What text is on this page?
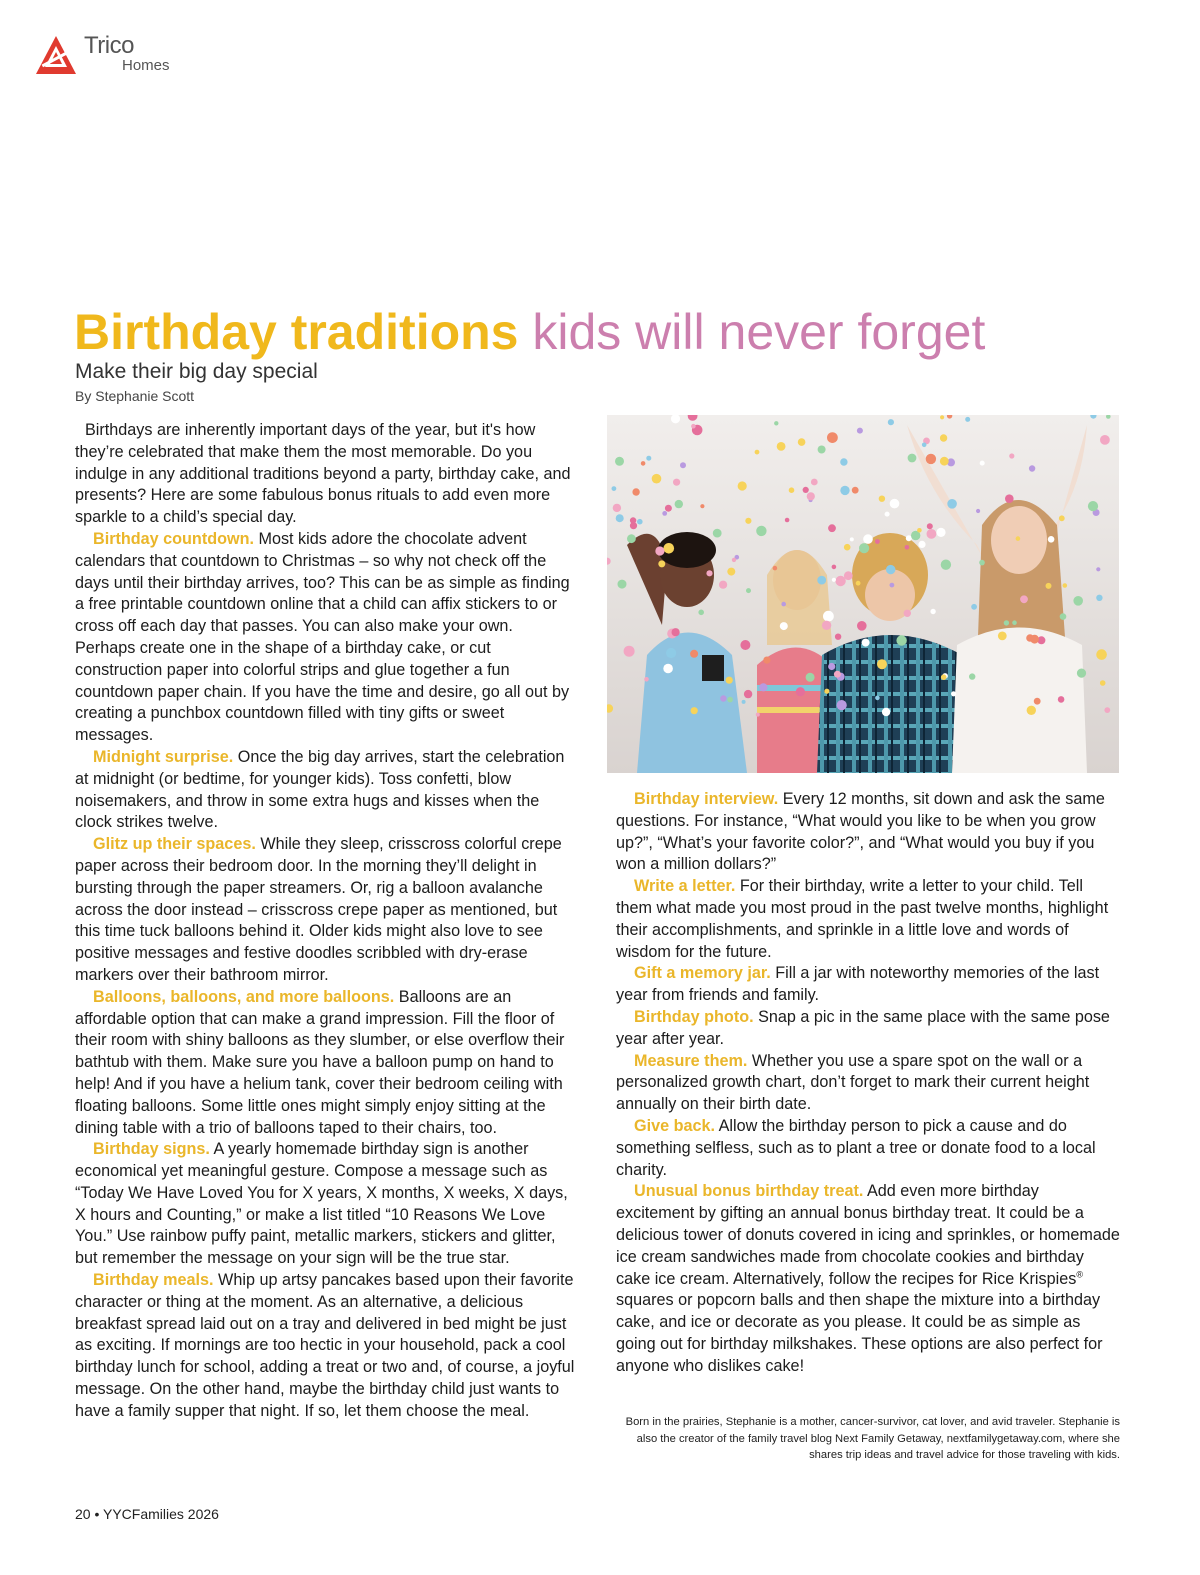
Trico
Homes
Birthday traditions kids will never forget
Make their big day special
By Stephanie Scott

Birthdays are inherently important days of the year, but it's how they’re celebrated that make them the most memorable. Do you indulge in any additional traditions beyond a party, birthday cake, and presents? Here are some fabulous bonus rituals to add even more sparkle to a child’s special day.

Birthday countdown. Most kids adore the chocolate advent calendars that countdown to Christmas – so why not check off the days until their birthday arrives, too? This can be as simple as finding a free printable countdown online that a child can affix stickers to or cross off each day that passes. You can also make your own. Perhaps create one in the shape of a birthday cake, or cut construction paper into colorful strips and glue together a fun countdown paper chain. If you have the time and desire, go all out by creating a punchbox countdown filled with tiny gifts or sweet messages.

Midnight surprise. Once the big day arrives, start the celebration at midnight (or bedtime, for younger kids). Toss confetti, blow noisemakers, and throw in some extra hugs and kisses when the clock strikes twelve.

Glitz up their spaces. While they sleep, crisscross colorful crepe paper across their bedroom door. In the morning they’ll delight in bursting through the paper streamers. Or, rig a balloon avalanche across the door instead – crisscross crepe paper as mentioned, but this time tuck balloons behind it. Older kids might also love to see positive messages and festive doodles scribbled with dry-erase markers over their bathroom mirror.

Balloons, balloons, and more balloons. Balloons are an affordable option that can make a grand impression. Fill the floor of their room with shiny balloons as they slumber, or else overflow their bathtub with them. Make sure you have a balloon pump on hand to help! And if you have a helium tank, cover their bedroom ceiling with floating balloons. Some little ones might simply enjoy sitting at the dining table with a trio of balloons taped to their chairs, too.

Birthday signs. A yearly homemade birthday sign is another economical yet meaningful gesture. Compose a message such as “Today We Have Loved You for X years, X months, X weeks, X days, X hours and Counting,” or make a list titled “10 Reasons We Love You.” Use rainbow puffy paint, metallic markers, stickers and glitter, but remember the message on your sign will be the true star.

Birthday meals. Whip up artsy pancakes based upon their favorite character or thing at the moment. As an alternative, a delicious breakfast spread laid out on a tray and delivered in bed might be just as exciting. If mornings are too hectic in your household, pack a cool birthday lunch for school, adding a treat or two and, of course, a joyful message. On the other hand, maybe the birthday child just wants to have a family supper that night. If so, let them choose the meal.

Birthday interview. Every 12 months, sit down and ask the same questions. For instance, “What would you like to be when you grow up?”, “What’s your favorite color?”, and “What would you buy if you won a million dollars?”

Write a letter. For their birthday, write a letter to your child. Tell them what made you most proud in the past twelve months, highlight their accomplishments, and sprinkle in a little love and words of wisdom for the future.

Gift a memory jar. Fill a jar with noteworthy memories of the last year from friends and family.

Birthday photo. Snap a pic in the same place with the same pose year after year.

Measure them. Whether you use a spare spot on the wall or a personalized growth chart, don’t forget to mark their current height annually on their birth date.

Give back. Allow the birthday person to pick a cause and do something selfless, such as to plant a tree or donate food to a local charity.

Unusual bonus birthday treat. Add even more birthday excitement by gifting an annual bonus birthday treat. It could be a delicious tower of donuts covered in icing and sprinkles, or homemade ice cream sandwiches made from chocolate cookies and birthday cake ice cream. Alternatively, follow the recipes for Rice Krispies® squares or popcorn balls and then shape the mixture into a birthday cake, and ice or decorate as you please. It could be as simple as going out for birthday milkshakes. These options are also perfect for anyone who dislikes cake!

Born in the prairies, Stephanie is a mother, cancer-survivor, cat lover, and avid traveler. Stephanie is also the creator of the family travel blog Next Family Getaway, nextfamilygetaway.com, where she shares trip ideas and travel advice for those traveling with kids.
20 • YYCFamilies 2026
